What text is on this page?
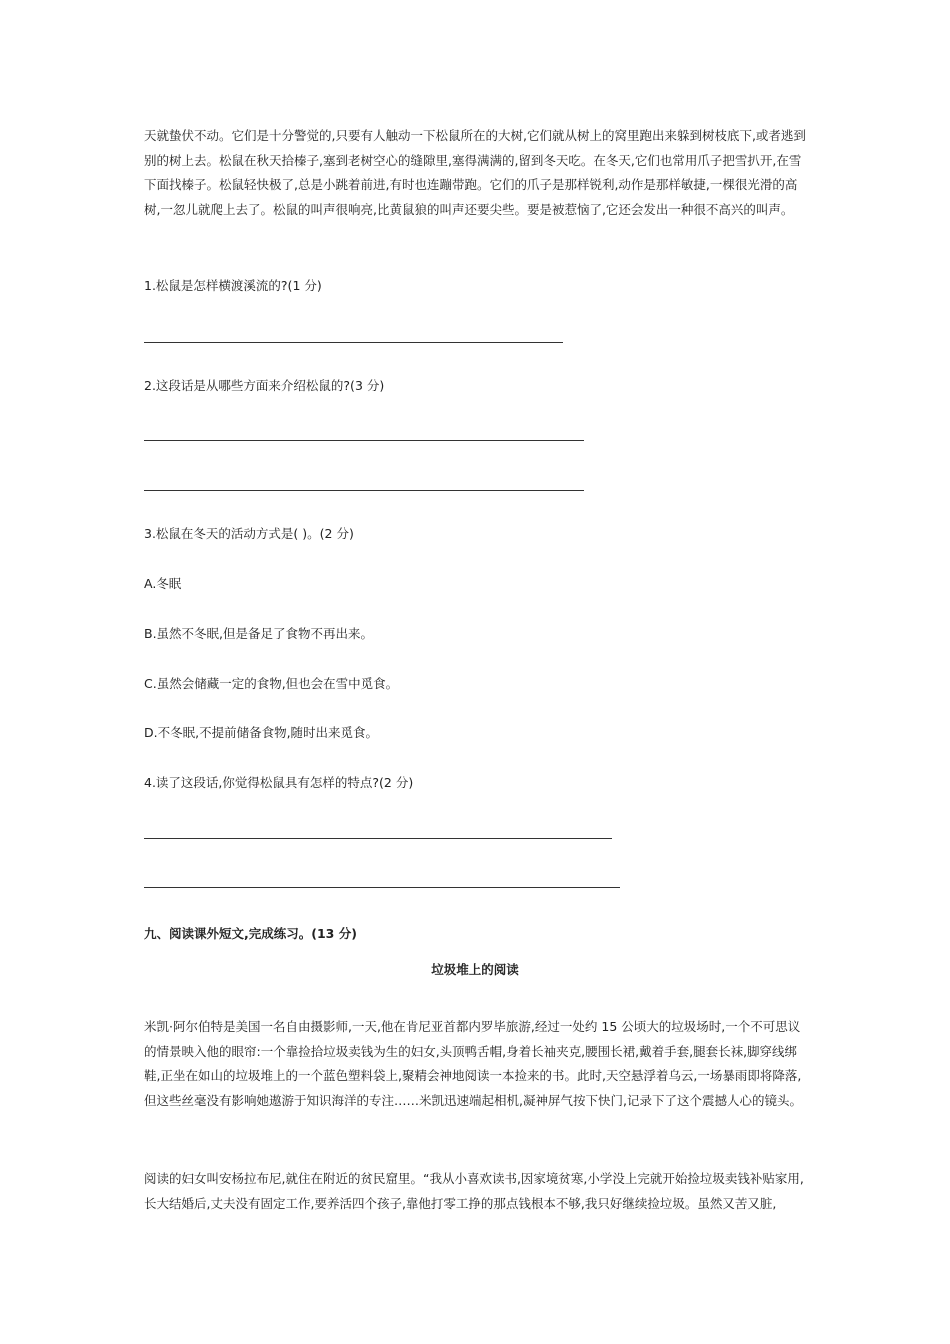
天就蛰伏不动。它们是十分警觉的,只要有人触动一下松鼠所在的大树,它们就从树上的窝里跑出来躲到树枝底下,或者逃到别的树上去。松鼠在秋天拾榛子,塞到老树空心的缝隙里,塞得满满的,留到冬天吃。在冬天,它们也常用爪子把雪扒开,在雪下面找榛子。松鼠轻快极了,总是小跳着前进,有时也连蹦带跑。它们的爪子是那样锐利,动作是那样敏捷,一棵很光滑的高树,一忽儿就爬上去了。松鼠的叫声很响亮,比黄鼠狼的叫声还要尖些。要是被惹恼了,它还会发出一种很不高兴的叫声。

1.松鼠是怎样横渡溪流的?(1 分)

2.这段话是从哪些方面来介绍松鼠的?(3 分)

3.松鼠在冬天的活动方式是( )。(2 分)

A.冬眠

B.虽然不冬眠,但是备足了食物不再出来。

C.虽然会储藏一定的食物,但也会在雪中觅食。

D.不冬眠,不提前储备食物,随时出来觅食。

4.读了这段话,你觉得松鼠具有怎样的特点?(2 分)

九、阅读课外短文,完成练习。(13 分)

垃圾堆上的阅读

米凯·阿尔伯特是美国一名自由摄影师,一天,他在肯尼亚首都内罗毕旅游,经过一处约 15 公顷大的垃圾场时,一个不可思议的情景映入他的眼帘:一个靠捡拾垃圾卖钱为生的妇女,头顶鸭舌帽,身着长袖夹克,腰围长裙,戴着手套,腿套长袜,脚穿线绑鞋,正坐在如山的垃圾堆上的一个蓝色塑料袋上,聚精会神地阅读一本捡来的书。此时,天空悬浮着乌云,一场暴雨即将降落,但这些丝毫没有影响她遨游于知识海洋的专注……米凯迅速端起相机,凝神屏气按下快门,记录下了这个震撼人心的镜头。

阅读的妇女叫安杨拉布尼,就住在附近的贫民窟里。“我从小喜欢读书,因家境贫寒,小学没上完就开始捡垃圾卖钱补贴家用,长大结婚后,丈夫没有固定工作,要养活四个孩子,靠他打零工挣的那点钱根本不够,我只好继续捡垃圾。虽然又苦又脏,
